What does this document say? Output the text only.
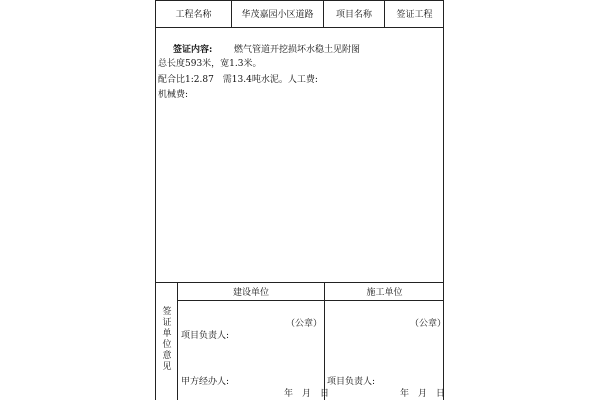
工程名称	华茂嘉园小区道路	项目名称	签证工程
签证内容: 燃气管道开挖损坏水稳土见附图
总长度593米，宽1.3米。
配合比1:2.87　需13.4吨水泥。人工费:
机械费:
签证单位意见
建设单位	施工单位
（公章）	（公章）
项目负责人:
甲方经办人:	项目负责人:
年　月　日	年　月　日
